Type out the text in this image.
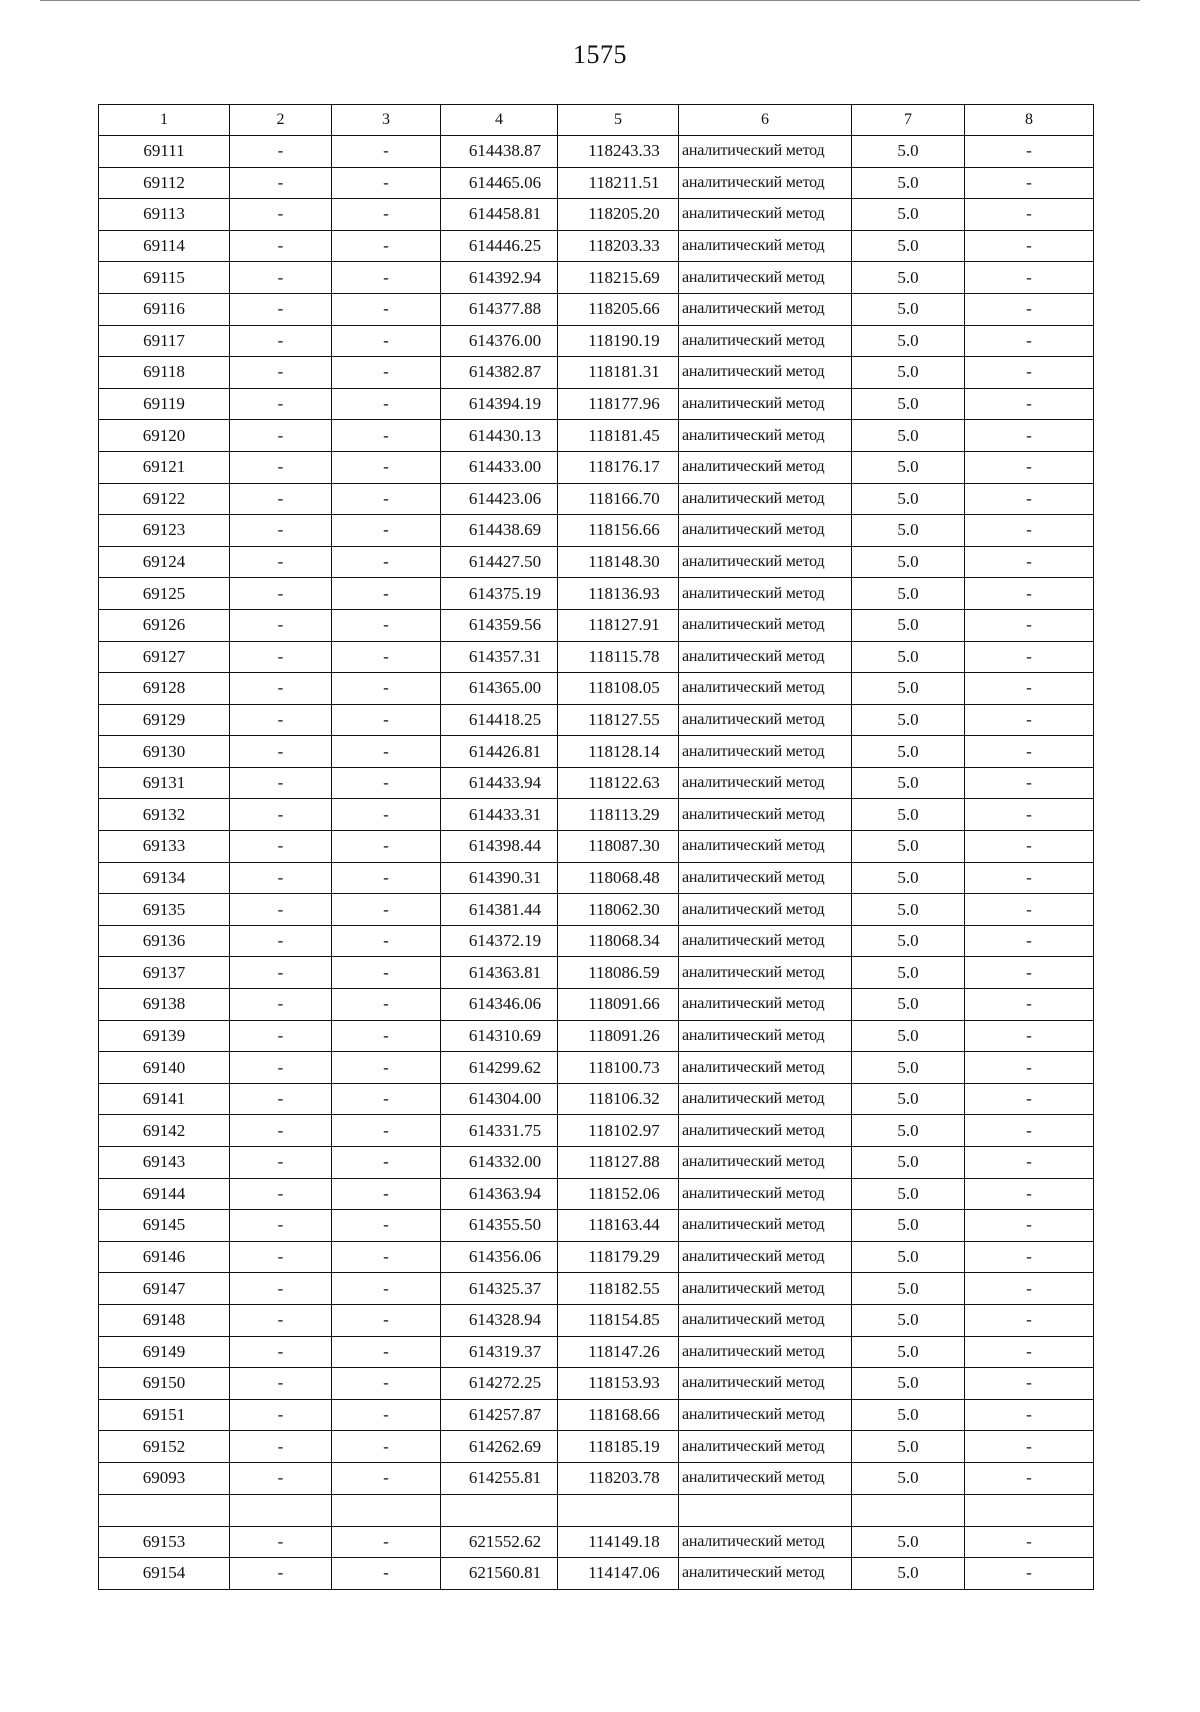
1575
1	2	3	4	5	6	7	8
69111	-	-	614438.87	118243.33	аналитический метод	5.0	-
69112	-	-	614465.06	118211.51	аналитический метод	5.0	-
69113	-	-	614458.81	118205.20	аналитический метод	5.0	-
69114	-	-	614446.25	118203.33	аналитический метод	5.0	-
69115	-	-	614392.94	118215.69	аналитический метод	5.0	-
69116	-	-	614377.88	118205.66	аналитический метод	5.0	-
69117	-	-	614376.00	118190.19	аналитический метод	5.0	-
69118	-	-	614382.87	118181.31	аналитический метод	5.0	-
69119	-	-	614394.19	118177.96	аналитический метод	5.0	-
69120	-	-	614430.13	118181.45	аналитический метод	5.0	-
69121	-	-	614433.00	118176.17	аналитический метод	5.0	-
69122	-	-	614423.06	118166.70	аналитический метод	5.0	-
69123	-	-	614438.69	118156.66	аналитический метод	5.0	-
69124	-	-	614427.50	118148.30	аналитический метод	5.0	-
69125	-	-	614375.19	118136.93	аналитический метод	5.0	-
69126	-	-	614359.56	118127.91	аналитический метод	5.0	-
69127	-	-	614357.31	118115.78	аналитический метод	5.0	-
69128	-	-	614365.00	118108.05	аналитический метод	5.0	-
69129	-	-	614418.25	118127.55	аналитический метод	5.0	-
69130	-	-	614426.81	118128.14	аналитический метод	5.0	-
69131	-	-	614433.94	118122.63	аналитический метод	5.0	-
69132	-	-	614433.31	118113.29	аналитический метод	5.0	-
69133	-	-	614398.44	118087.30	аналитический метод	5.0	-
69134	-	-	614390.31	118068.48	аналитический метод	5.0	-
69135	-	-	614381.44	118062.30	аналитический метод	5.0	-
69136	-	-	614372.19	118068.34	аналитический метод	5.0	-
69137	-	-	614363.81	118086.59	аналитический метод	5.0	-
69138	-	-	614346.06	118091.66	аналитический метод	5.0	-
69139	-	-	614310.69	118091.26	аналитический метод	5.0	-
69140	-	-	614299.62	118100.73	аналитический метод	5.0	-
69141	-	-	614304.00	118106.32	аналитический метод	5.0	-
69142	-	-	614331.75	118102.97	аналитический метод	5.0	-
69143	-	-	614332.00	118127.88	аналитический метод	5.0	-
69144	-	-	614363.94	118152.06	аналитический метод	5.0	-
69145	-	-	614355.50	118163.44	аналитический метод	5.0	-
69146	-	-	614356.06	118179.29	аналитический метод	5.0	-
69147	-	-	614325.37	118182.55	аналитический метод	5.0	-
69148	-	-	614328.94	118154.85	аналитический метод	5.0	-
69149	-	-	614319.37	118147.26	аналитический метод	5.0	-
69150	-	-	614272.25	118153.93	аналитический метод	5.0	-
69151	-	-	614257.87	118168.66	аналитический метод	5.0	-
69152	-	-	614262.69	118185.19	аналитический метод	5.0	-
69093	-	-	614255.81	118203.78	аналитический метод	5.0	-

69153	-	-	621552.62	114149.18	аналитический метод	5.0	-
69154	-	-	621560.81	114147.06	аналитический метод	5.0	-
